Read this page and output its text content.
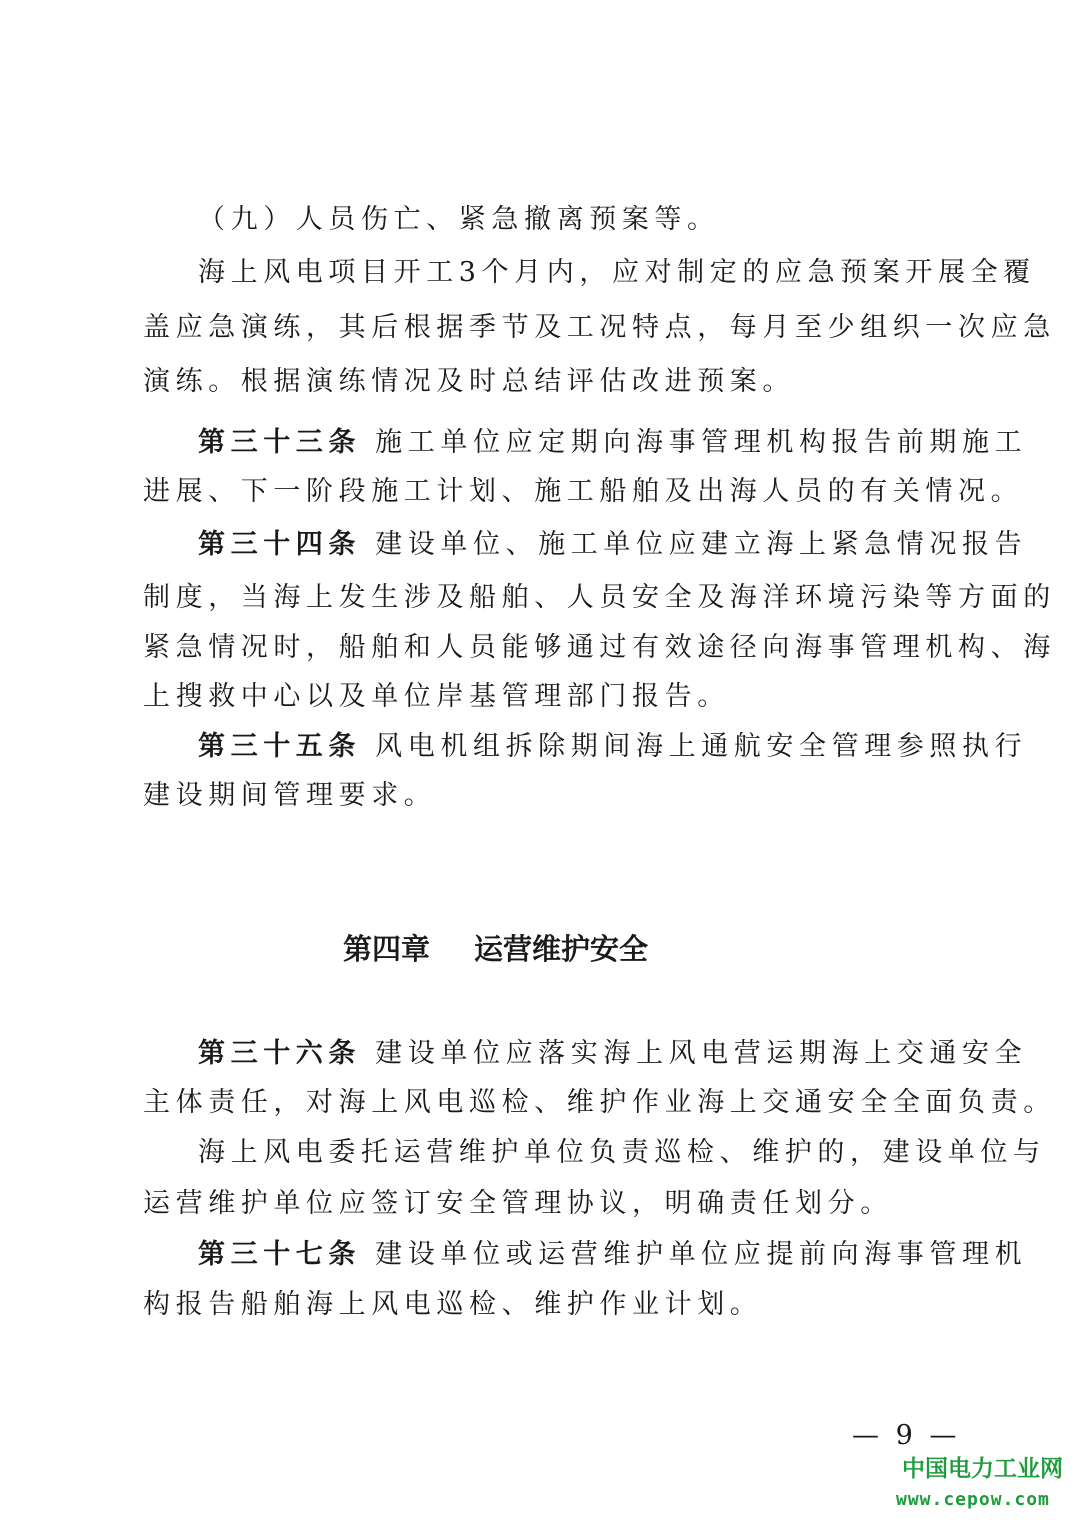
（九）人员伤亡、紧急撤离预案等。
海上风电项目开工3个月内，应对制定的应急预案开展全覆
盖应急演练，其后根据季节及工况特点，每月至少组织一次应急
演练。根据演练情况及时总结评估改进预案。
第三十三条 施工单位应定期向海事管理机构报告前期施工
进展、下一阶段施工计划、施工船舶及出海人员的有关情况。
第三十四条 建设单位、施工单位应建立海上紧急情况报告
制度，当海上发生涉及船舶、人员安全及海洋环境污染等方面的
紧急情况时，船舶和人员能够通过有效途径向海事管理机构、海
上搜救中心以及单位岸基管理部门报告。
第三十五条 风电机组拆除期间海上通航安全管理参照执行
建设期间管理要求。
第四章 运营维护安全
第三十六条 建设单位应落实海上风电营运期海上交通安全
主体责任，对海上风电巡检、维护作业海上交通安全全面负责。
海上风电委托运营维护单位负责巡检、维护的，建设单位与
运营维护单位应签订安全管理协议，明确责任划分。
第三十七条 建设单位或运营维护单位应提前向海事管理机
构报告船舶海上风电巡检、维护作业计划。
— 9 —
中国电力工业网
www.cepow.com
